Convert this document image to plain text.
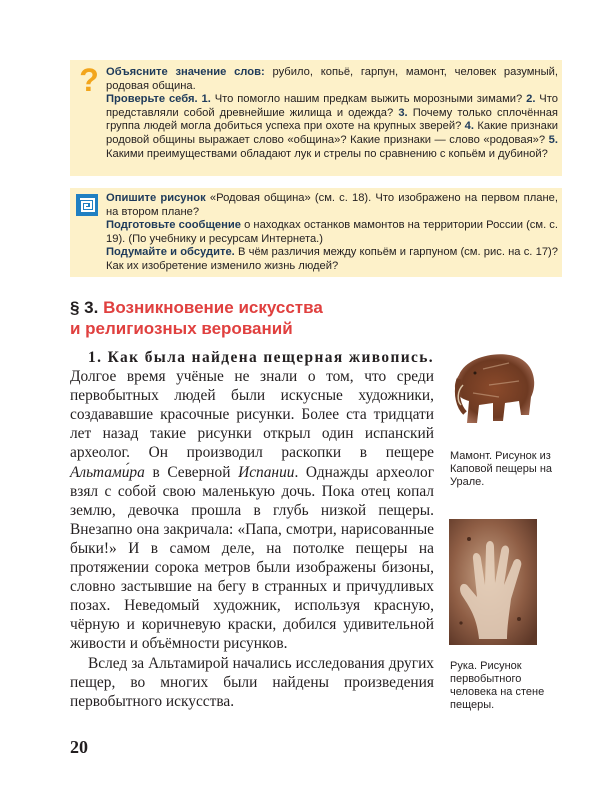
? Объясните значение слов: рубило, копьё, гарпун, мамонт, человек разумный, родовая община.
Проверьте себя. 1. Что помогло нашим предкам выжить морозными зимами? 2. Что представляли собой древнейшие жилища и одежда? 3. Почему только сплочённая группа людей могла добиться успеха при охоте на крупных зверей? 4. Какие признаки родовой общины выражает слово «община»? Какие признаки — слово «родовая»? 5. Какими преимуществами обладают лук и стрелы по сравнению с копьём и дубиной?
Опишите рисунок «Родовая община» (см. с. 18). Что изображено на первом плане, на втором плане?
Подготовьте сообщение о находках останков мамонтов на территории России (см. с. 19). (По учебнику и ресурсам Интернета.)
Подумайте и обсудите. В чём различия между копьём и гарпуном (см. рис. на с. 17)? Как их изобретение изменило жизнь людей?
§ 3. Возникновение искусства
и религиозных верований

1. Как была найдена пещерная живопись. Долгое время учёные не знали о том, что среди первобытных людей были искусные художники, создававшие красочные рисунки. Более ста тридцати лет назад такие рисунки открыл один испанский археолог. Он производил раскопки в пещере Альтами́ра в Северной Испании. Однажды археолог взял с собой свою маленькую дочь. Пока отец копал землю, девочка прошла в глубь низкой пещеры. Внезапно она закричала: «Папа, смотри, нарисованные быки!» И в самом деле, на потолке пещеры на протяжении сорока метров были изображены бизоны, словно застывшие на бегу в странных и причудливых позах. Неведомый художник, используя красную, чёрную и коричневую краски, добился удивительной живости и объёмности рисунков.

Вслед за Альтамирой начались исследования других пещер, во многих были найдены произведения первобытного искусства.

20
Мамонт. Рисунок из Каповой пещеры на Урале.
Рука. Рисунок первобытного человека на стене пещеры.
